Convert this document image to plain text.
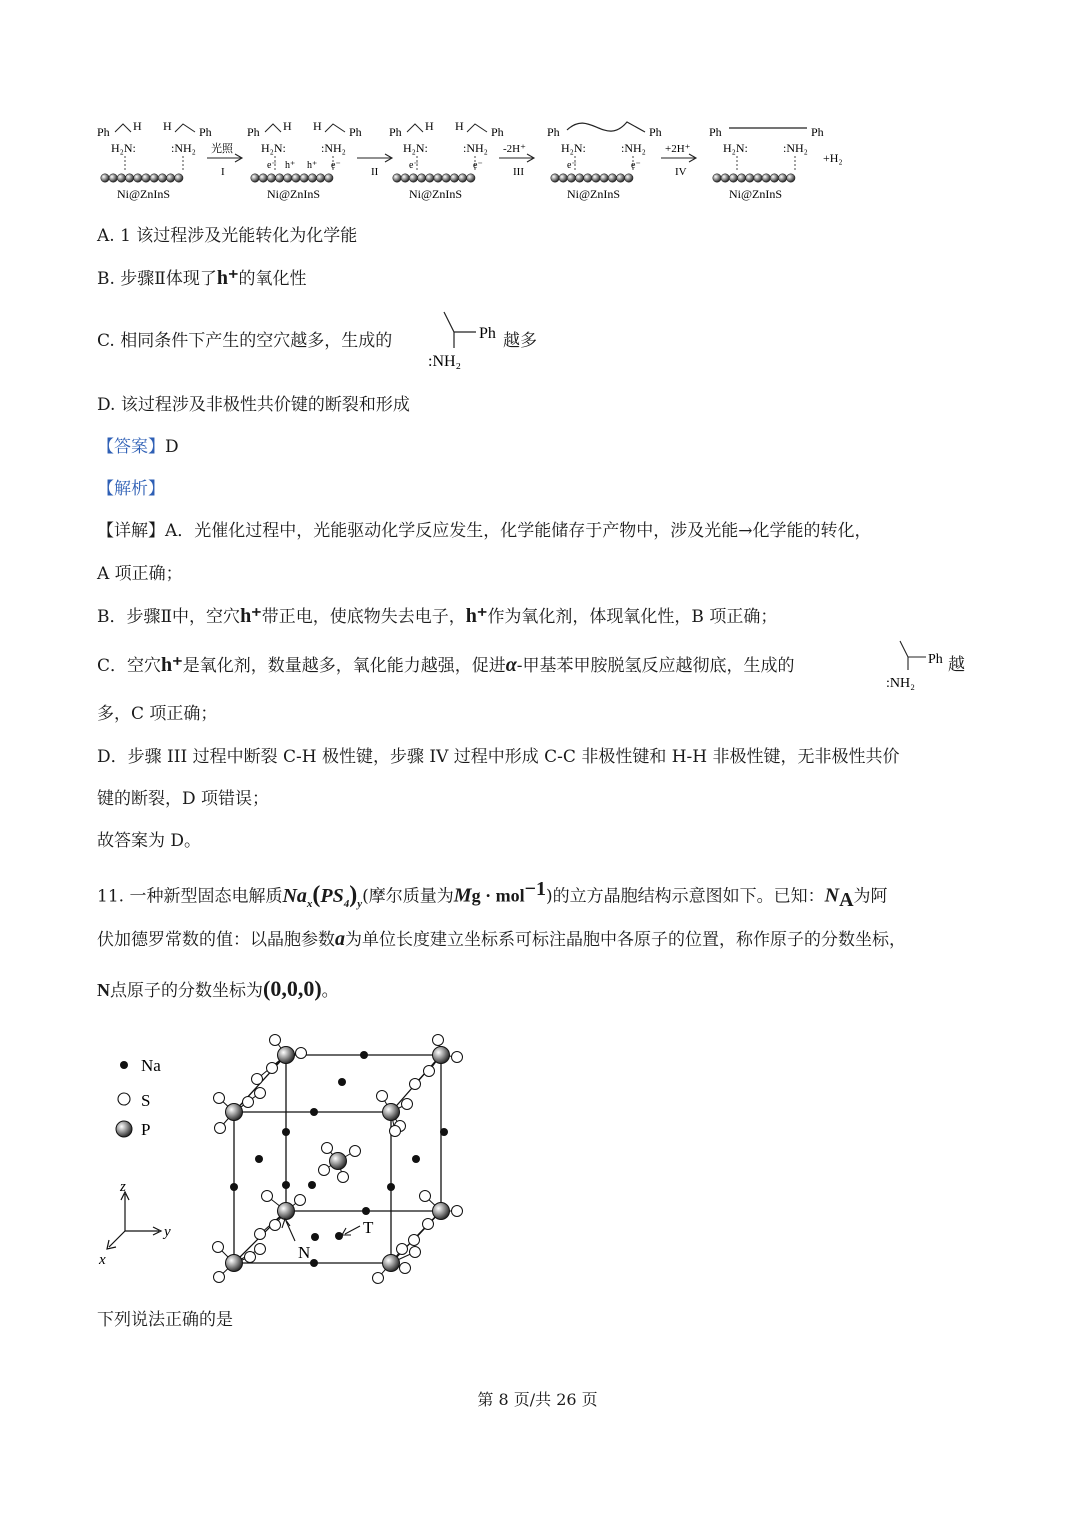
Ni@ZnInS
Ph	Ph
H H
H₂N:	:NH₂
Ni@ZnInS
Ph	Ph
H H
H₂N:	:NH₂
e⁻ h⁺ h⁺ e⁻
Ni@ZnInS
Ph	Ph
H H
H₂N:	:NH₂
e⁻	e⁻
Ni@ZnInS
Ph	Ph
H₂N:	:NH₂
e⁻	e⁻
Ni@ZnInS
Ph	Ph
H₂N:	:NH₂
+H₂
光照
I	II
-2H⁺
III
+2H⁺
IV
A. 1 该过程涉及光能转化为化学能
B. 步骤Ⅱ体现了h⁺的氧化性
C. 相同条件下产生的空穴越多，生成的	Ph
:NH₂
越多
D. 该过程涉及非极性共价键的断裂和形成
【答案】D
【解析】
【详解】A．光催化过程中，光能驱动化学反应发生，化学能储存于产物中，涉及光能→化学能的转化，
A 项正确；
B．步骤Ⅱ中，空穴h⁺带正电，使底物失去电子，h⁺作为氧化剂，体现氧化性，B 项正确；
C．空穴h⁺是氧化剂，数量越多，氧化能力越强，促进α-甲基苯甲胺脱氢反应越彻底，生成的	Ph
:NH₂
越
多，C 项正确；
D．步骤 III 过程中断裂 C-H 极性键，步骤 IV 过程中形成 C-C 非极性键和 H-H 非极性键，无非极性共价
键的断裂，D 项错误；
故答案为 D。
11. 一种新型固态电解质$Na_x(PS_4)_y$(摩尔质量为Mg · mol$^{-1}$)的立方晶胞结构示意图如下。已知：$N_A$为阿
伏加德罗常数的值：以晶胞参数a为单位长度建立坐标系可标注晶胞中各原子的位置，称作原子的分数坐标，
N点原子的分数坐标为(0,0,0)。
Na
S
P
z
y
x	N
T
下列说法正确的是
第 8 页/共 26 页
